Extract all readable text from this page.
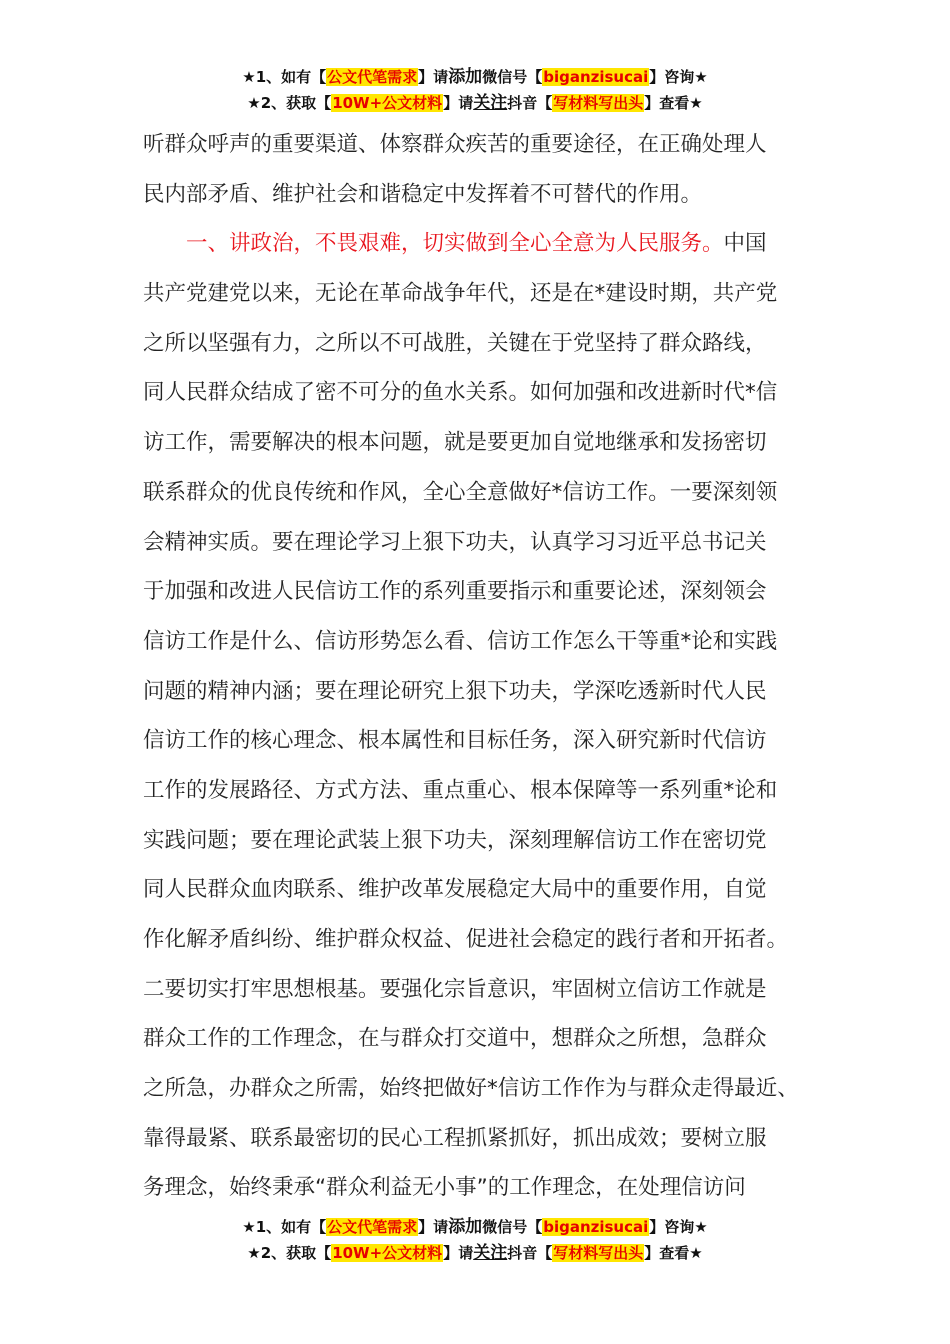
★1、如有【公文代笔需求】请添加微信号【biganzisucai】咨询★
★2、获取【10W+公文材料】请关注抖音【写材料写出头】查看★
听群众呼声的重要渠道、体察群众疾苦的重要途径，在正确处理人
民内部矛盾、维护社会和谐稳定中发挥着不可替代的作用。
　　一、讲政治，不畏艰难，切实做到全心全意为人民服务。中国
共产党建党以来，无论在革命战争年代，还是在*建设时期，共产党
之所以坚强有力，之所以不可战胜，关键在于党坚持了群众路线，
同人民群众结成了密不可分的鱼水关系。如何加强和改进新时代*信
访工作，需要解决的根本问题，就是要更加自觉地继承和发扬密切
联系群众的优良传统和作风，全心全意做好*信访工作。一要深刻领
会精神实质。要在理论学习上狠下功夫，认真学习习近平总书记关
于加强和改进人民信访工作的系列重要指示和重要论述，深刻领会
信访工作是什么、信访形势怎么看、信访工作怎么干等重*论和实践
问题的精神内涵；要在理论研究上狠下功夫，学深吃透新时代人民
信访工作的核心理念、根本属性和目标任务，深入研究新时代信访
工作的发展路径、方式方法、重点重心、根本保障等一系列重*论和
实践问题；要在理论武装上狠下功夫，深刻理解信访工作在密切党
同人民群众血肉联系、维护改革发展稳定大局中的重要作用，自觉
作化解矛盾纠纷、维护群众权益、促进社会稳定的践行者和开拓者。
二要切实打牢思想根基。要强化宗旨意识，牢固树立信访工作就是
群众工作的工作理念，在与群众打交道中，想群众之所想，急群众
之所急，办群众之所需，始终把做好*信访工作作为与群众走得最近、
靠得最紧、联系最密切的民心工程抓紧抓好，抓出成效；要树立服
务理念，始终秉承“群众利益无小事”的工作理念，在处理信访问
★1、如有【公文代笔需求】请添加微信号【biganzisucai】咨询★
★2、获取【10W+公文材料】请关注抖音【写材料写出头】查看★
